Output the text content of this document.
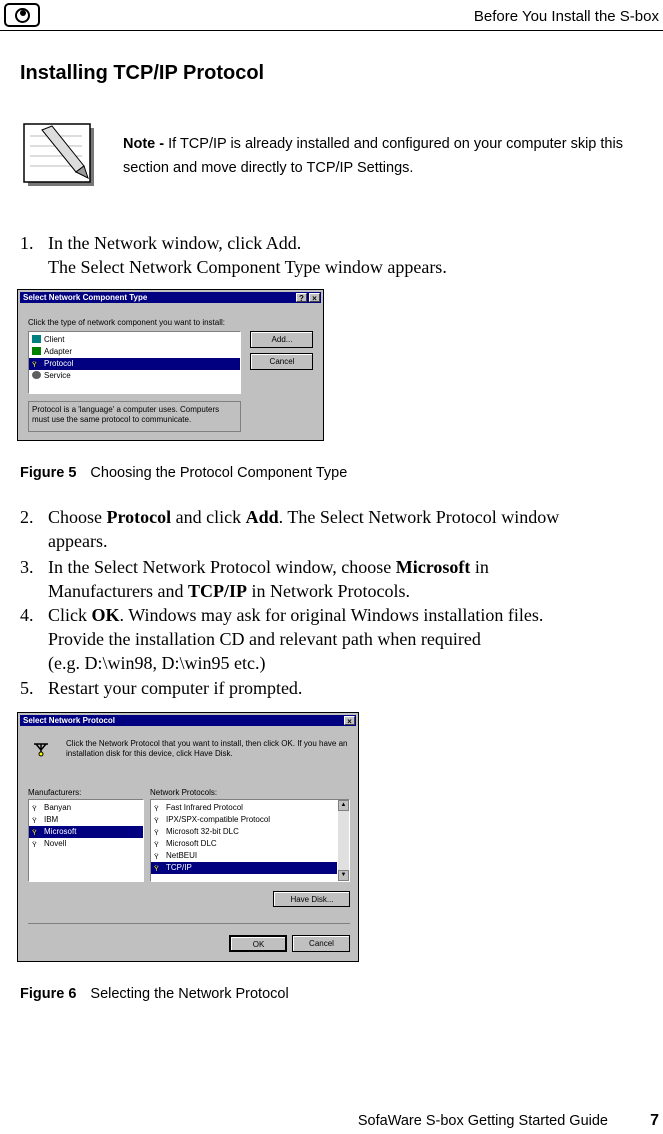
Before You Install the S-box
Installing TCP/IP Protocol
Note - If TCP/IP is already installed and configured on your computer skip this section and move directly to TCP/IP Settings.
1. In the Network window, click Add.
The Select Network Component Type window appears.
Select Network Component Type	?	×
Click the type of network component you want to install:
Client
Adapter
Ÿ Protocol
Service
Add...
Cancel
Protocol is a 'language' a computer uses. Computers must use the same protocol to communicate.
Figure 5 Choosing the Protocol Component Type
2. Choose Protocol and click Add. The Select Network Protocol window
appears.
3. In the Select Network Protocol window, choose Microsoft in
Manufacturers and TCP/IP in Network Protocols.
4. Click OK. Windows may ask for original Windows installation files.
Provide the installation CD and relevant path when required
(e.g. D:\win98, D:\win95 etc.)
5. Restart your computer if prompted.
Select Network Protocol	×
Click the Network Protocol that you want to install, then click OK. If you have an installation disk for this device, click Have Disk.
Manufacturers:	Network Protocols:
Ÿ Banyan
Ÿ IBM
Ÿ Microsoft
Ÿ Novell
Ÿ Fast Infrared Protocol
Ÿ IPX/SPX-compatible Protocol
Ÿ Microsoft 32-bit DLC
Ÿ Microsoft DLC
Ÿ NetBEUI
Ÿ TCP/IP
▲
▼
Have Disk...
OK	Cancel
Figure 6 Selecting the Network Protocol
SofaWare S-box Getting Started Guide	7
